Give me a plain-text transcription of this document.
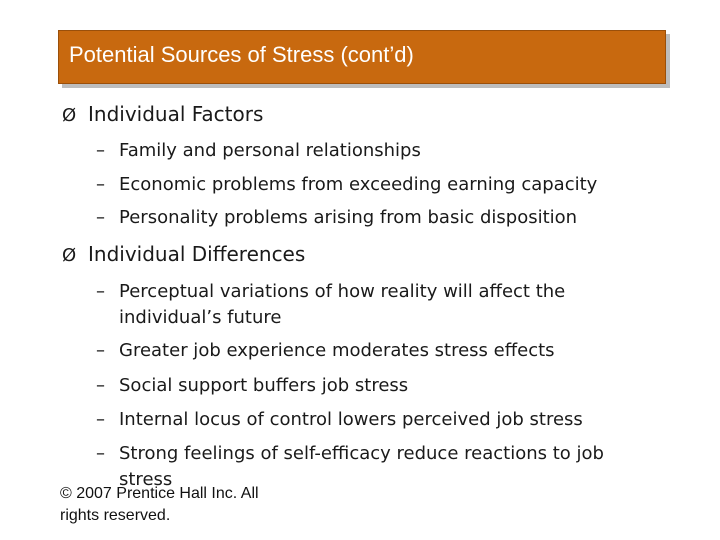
Potential Sources of Stress (cont’d)
Ø Individual Factors
– Family and personal relationships
– Economic problems from exceeding earning capacity
– Personality problems arising from basic disposition
Ø Individual Differences
– Perceptual variations of how reality will affect the individual’s future
– Greater job experience moderates stress effects
– Social support buffers job stress
– Internal locus of control lowers perceived job stress
– Strong feelings of self-efficacy reduce reactions to job stress
© 2007 Prentice Hall Inc. All rights reserved.
